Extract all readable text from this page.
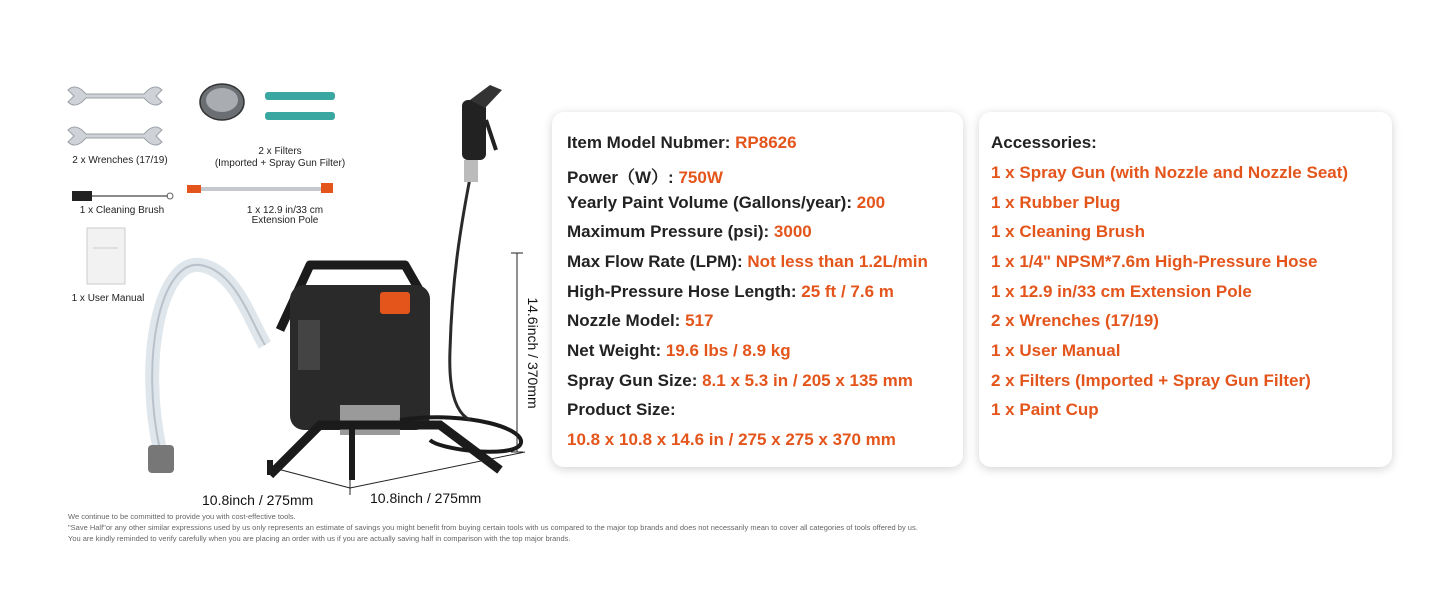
2 x Wrenches (17/19)
2 x Filters
(Imported + Spray Gun Filter)
1 x Cleaning Brush	1 x 12.9 in/33 cm
Extension Pole
1 x User Manual	14.6inch / 370mm
10.8inch / 275mm	10.8inch / 275mm
Item Model Nubmer: RP8626
Power（W）: 750W
Yearly Paint Volume (Gallons/year): 200
Maximum Pressure (psi): 3000
Max Flow Rate (LPM): Not less than 1.2L/min
High-Pressure Hose Length: 25 ft / 7.6 m
Nozzle Model: 517
Net Weight: 19.6 lbs / 8.9 kg
Spray Gun Size: 8.1 x 5.3 in / 205 x 135 mm
Product Size:
10.8 x 10.8 x 14.6 in / 275 x 275 x 370 mm
Accessories:
1 x Spray Gun (with Nozzle and Nozzle Seat)
1 x Rubber Plug
1 x Cleaning Brush
1 x 1/4" NPSM*7.6m High-Pressure Hose
1 x 12.9 in/33 cm Extension Pole
2 x Wrenches (17/19)
1 x User Manual
2 x Filters (Imported + Spray Gun Filter)
1 x Paint Cup
We continue to be committed to provide you with cost-effective tools.
"Save Half"or any other similar expressions used by us only represents an estimate of savings you might benefit from buying certain tools with us compared to the major top brands and does not necessarily mean to cover all categories of tools offered by us.
You are kindly reminded to verify carefully when you are placing an order with us if you are actually saving half in comparison with the top major brands.
